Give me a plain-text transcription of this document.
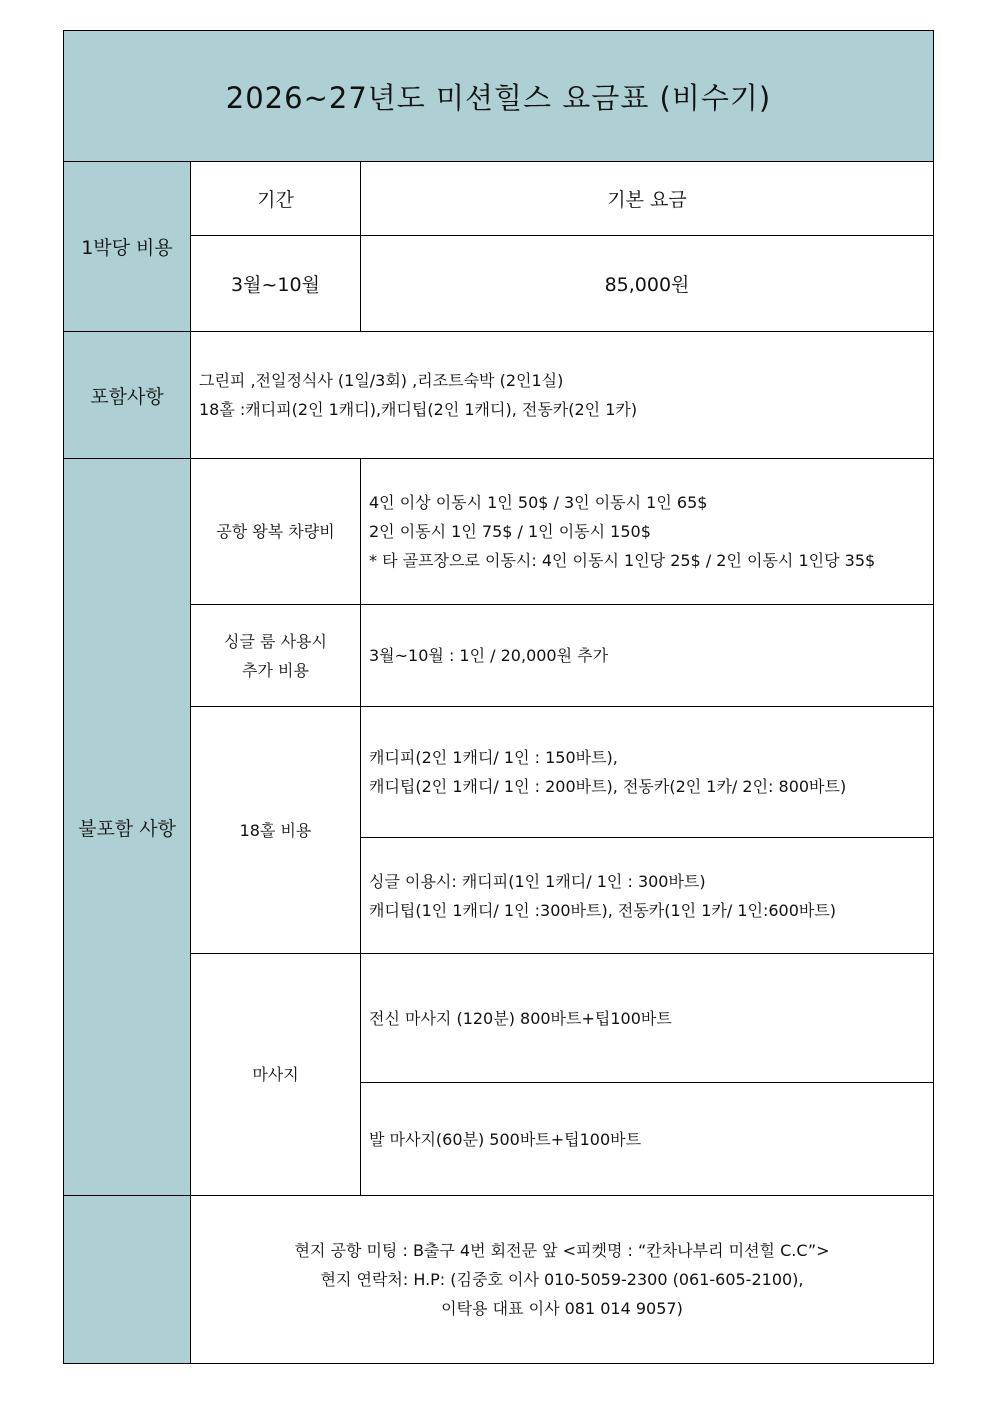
2026~27년도 미션힐스 요금표 (비수기)
1박당 비용
기간	기본 요금
3월~10월	85,000원
포함사항
그린피 ,전일정식사 (1일/3회) ,리조트숙박 (2인1실)
18홀 :캐디피(2인 1캐디),캐디팁(2인 1캐디), 전동카(2인 1카)
불포함 사항
공항 왕복 차량비
4인 이상 이동시 1인 50$ / 3인 이동시 1인 65$
2인 이동시 1인 75$ / 1인 이동시 150$
* 타 골프장으로 이동시: 4인 이동시 1인당 25$ / 2인 이동시 1인당 35$
싱글 룸 사용시
추가 비용
3월~10월 : 1인 / 20,000원 추가
18홀 비용
캐디피(2인 1캐디/ 1인 : 150바트),
캐디팁(2인 1캐디/ 1인 : 200바트), 전동카(2인 1카/ 2인: 800바트)
싱글 이용시: 캐디피(1인 1캐디/ 1인 : 300바트)
캐디팁(1인 1캐디/ 1인 :300바트), 전동카(1인 1카/ 1인:600바트)
마사지
전신 마사지 (120분) 800바트+팁100바트
발 마사지(60분) 500바트+팁100바트
현지 공항 미팅 : B출구 4번 회전문 앞 <피켓명 : “칸차나부리 미션힐 C.C”>
현지 연락처: H.P: (김중호 이사 010-5059-2300 (061-605-2100),
이탁용 대표 이사 081 014 9057)
